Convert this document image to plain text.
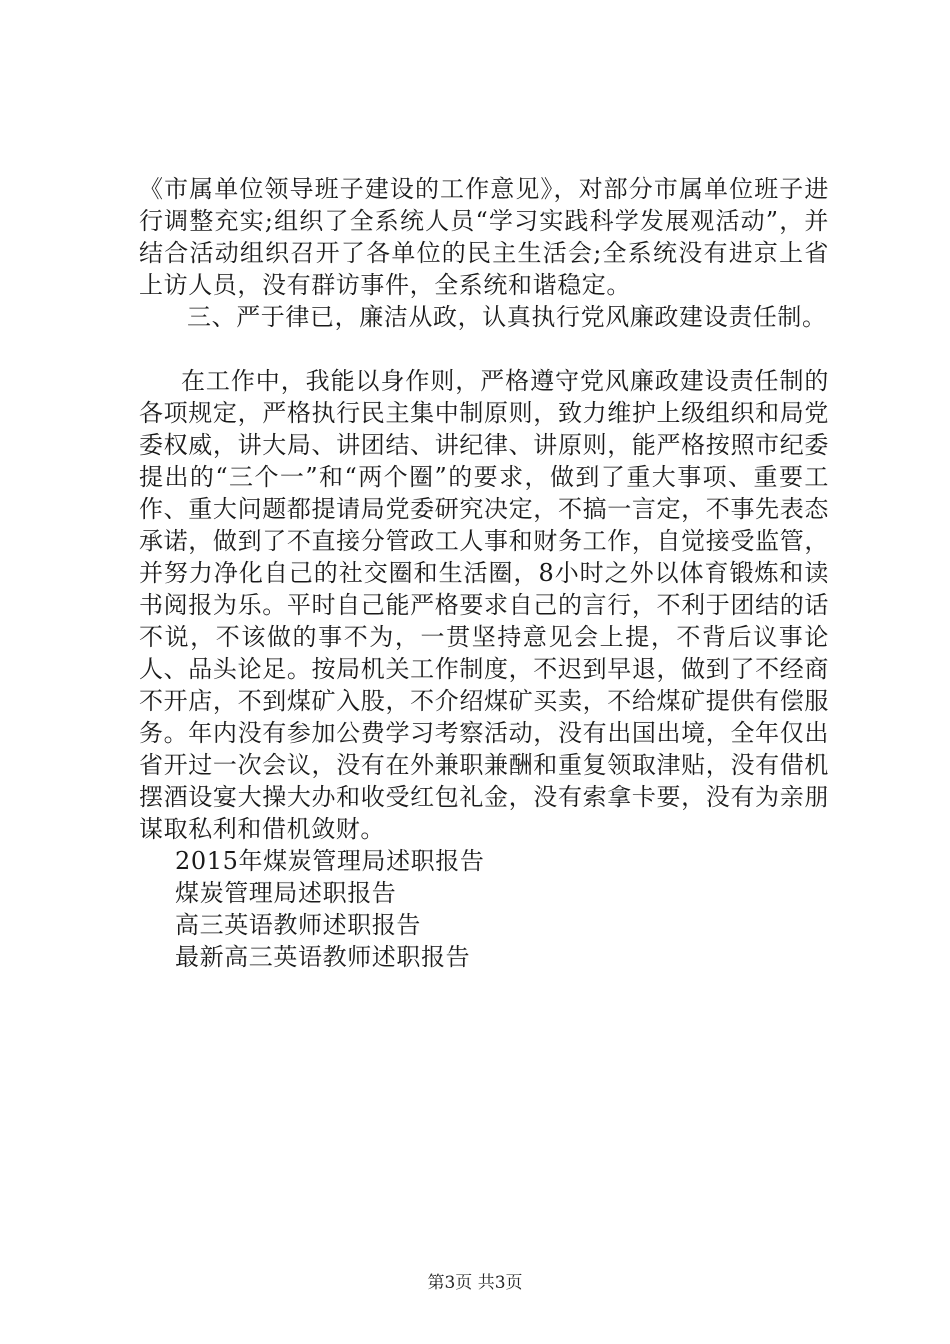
《市属单位领导班子建设的工作意见》，对部分市属单位班子进行调整充实;组织了全系统人员“学习实践科学发展观活动”，并结合活动组织召开了各单位的民主生活会;全系统没有进京上省上访人员，没有群访事件，全系统和谐稳定。

三、严于律已，廉洁从政，认真执行党风廉政建设责任制。

在工作中，我能以身作则，严格遵守党风廉政建设责任制的各项规定，严格执行民主集中制原则，致力维护上级组织和局党委权威，讲大局、讲团结、讲纪律、讲原则，能严格按照市纪委提出的“三个一”和“两个圈”的要求，做到了重大事项、重要工作、重大问题都提请局党委研究决定，不搞一言定，不事先表态承诺，做到了不直接分管政工人事和财务工作，自觉接受监管，并努力净化自己的社交圈和生活圈，8小时之外以体育锻炼和读书阅报为乐。平时自己能严格要求自己的言行，不利于团结的话不说，不该做的事不为，一贯坚持意见会上提，不背后议事论人、品头论足。按局机关工作制度，不迟到早退，做到了不经商不开店，不到煤矿入股，不介绍煤矿买卖，不给煤矿提供有偿服务。年内没有参加公费学习考察活动，没有出国出境，全年仅出省开过一次会议，没有在外兼职兼酬和重复领取津贴，没有借机摆酒设宴大操大办和收受红包礼金，没有索拿卡要，没有为亲朋谋取私利和借机敛财。

2015年煤炭管理局述职报告
煤炭管理局述职报告
高三英语教师述职报告
最新高三英语教师述职报告
第3页 共3页
